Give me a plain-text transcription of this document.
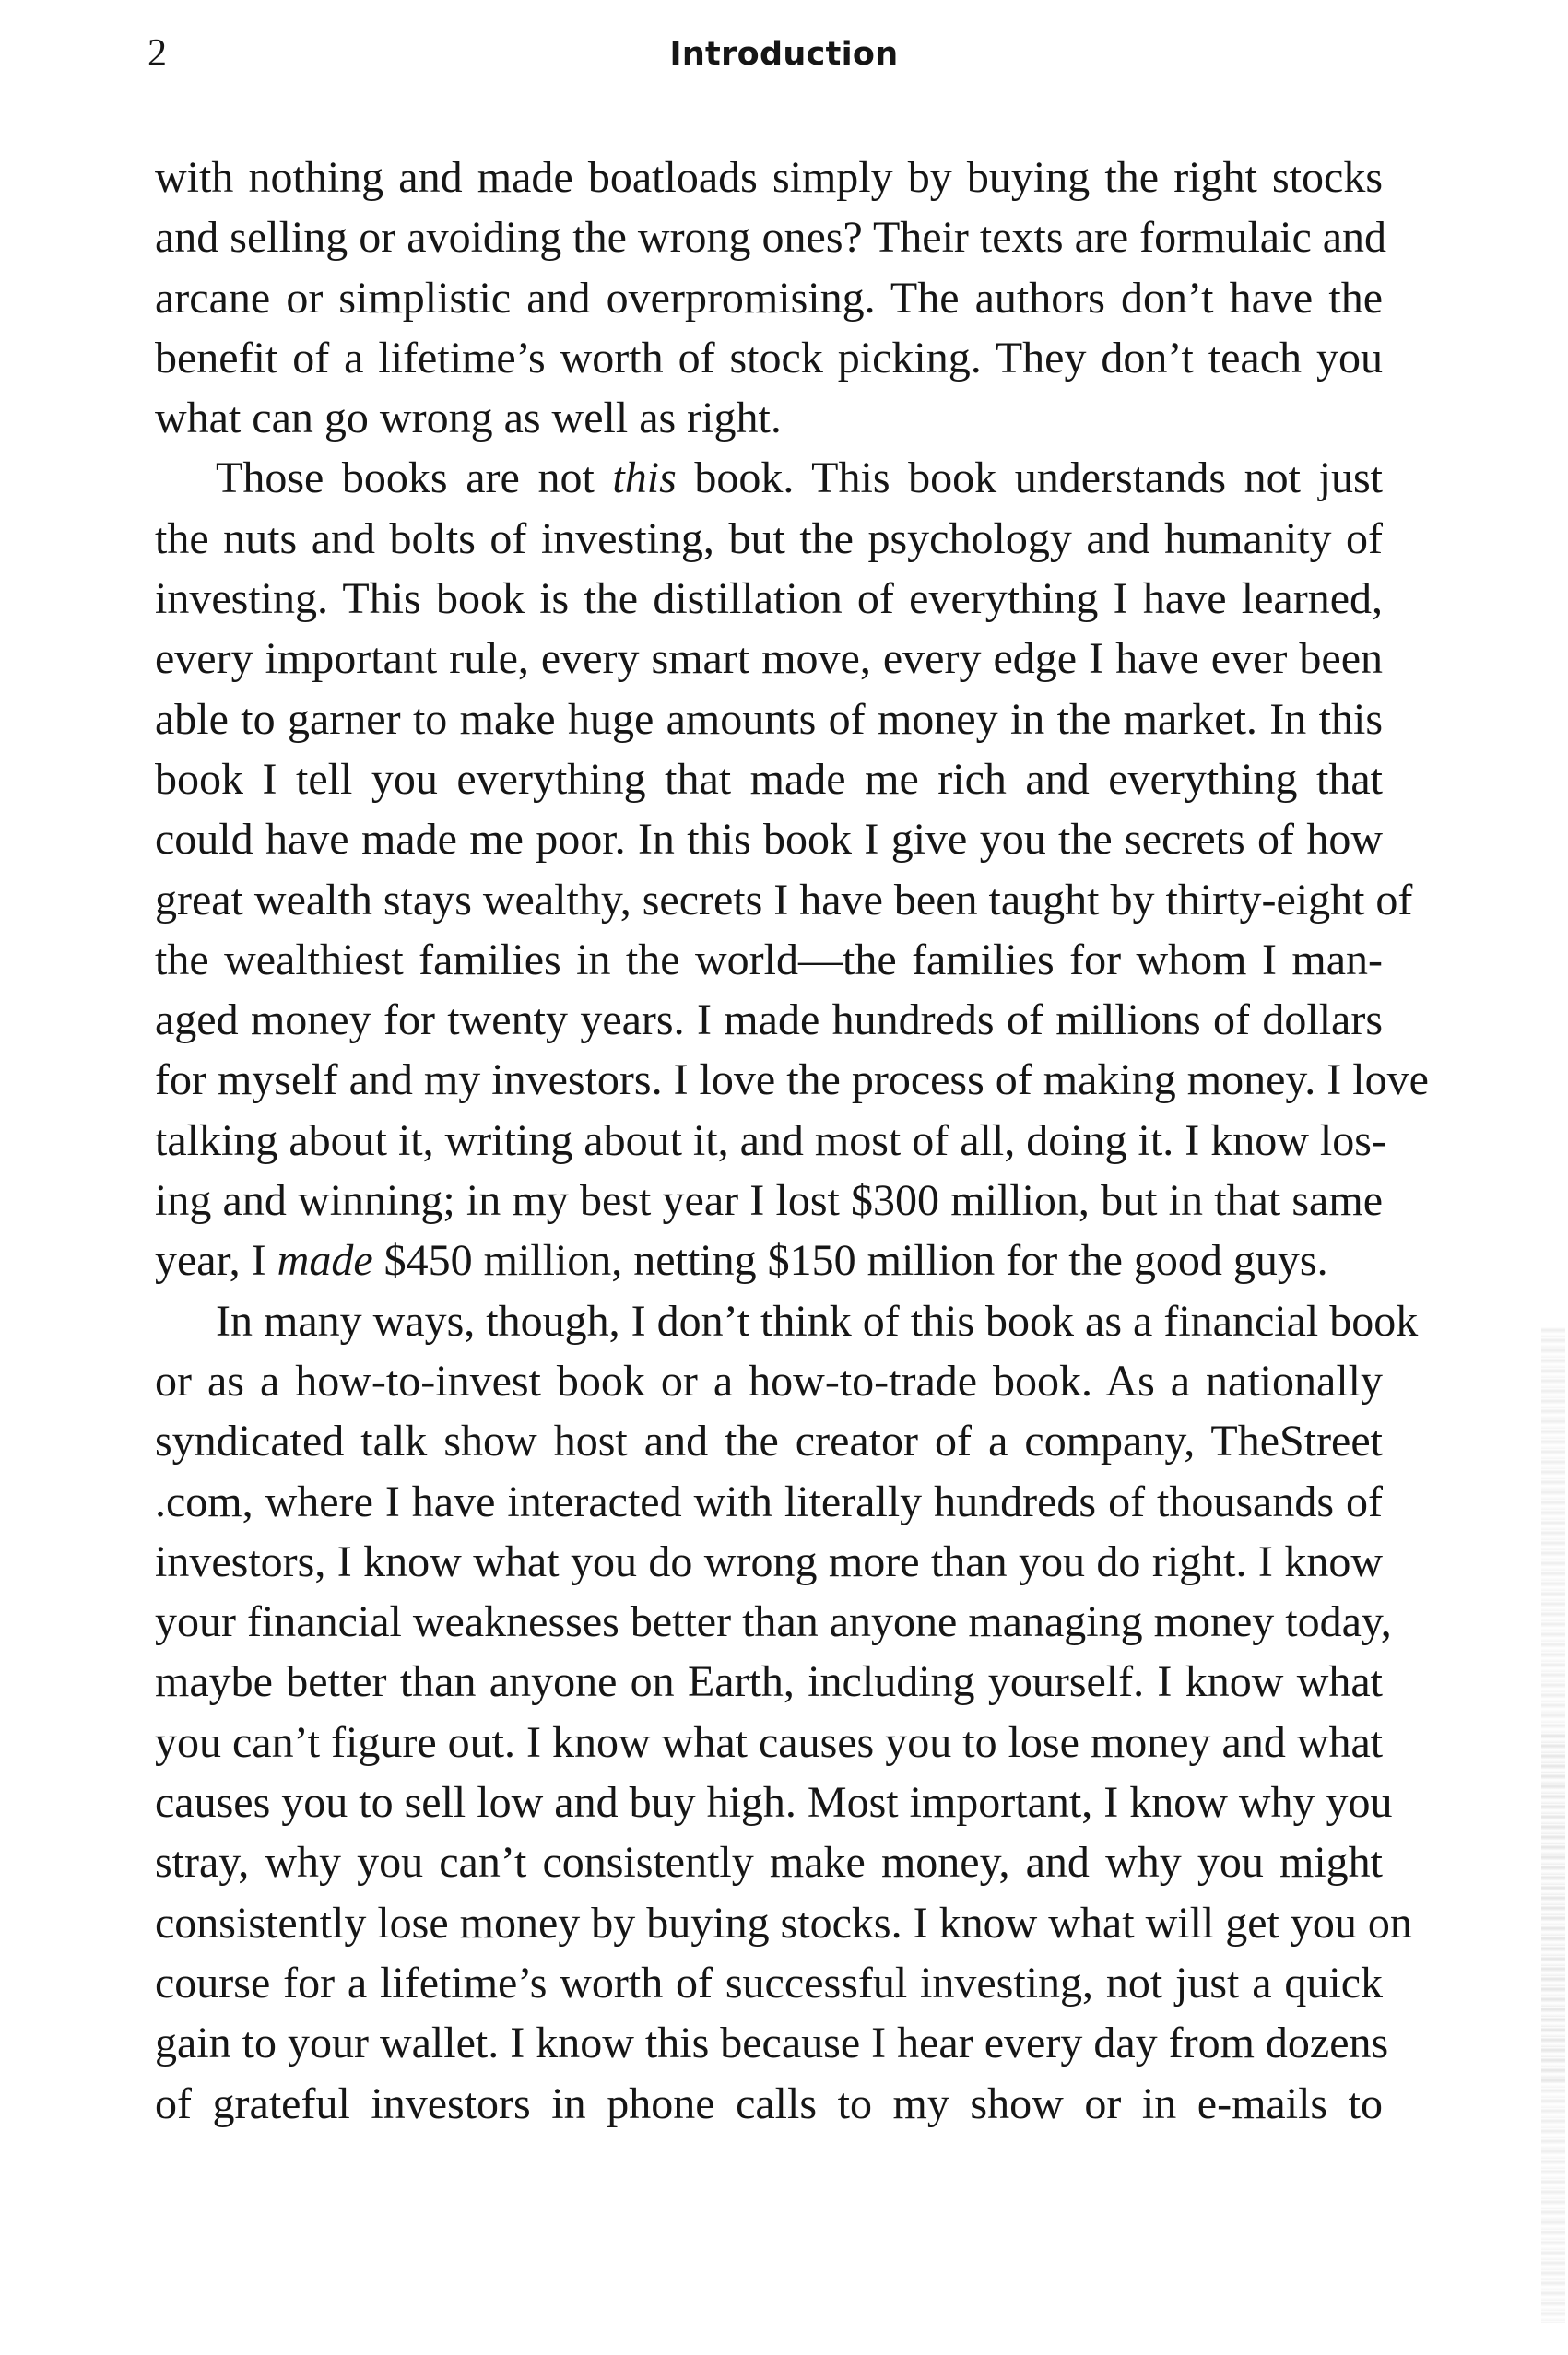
2	Introduction
with nothing and made boatloads simply by buying the right stocks
and selling or avoiding the wrong ones? Their texts are formulaic and
arcane or simplistic and overpromising. The authors don’t have the
benefit of a lifetime’s worth of stock picking. They don’t teach you
what can go wrong as well as right.
Those books are not this book. This book understands not just
the nuts and bolts of investing, but the psychology and humanity of
investing. This book is the distillation of everything I have learned,
every important rule, every smart move, every edge I have ever been
able to garner to make huge amounts of money in the market. In this
book I tell you everything that made me rich and everything that
could have made me poor. In this book I give you the secrets of how
great wealth stays wealthy, secrets I have been taught by thirty-eight of
the wealthiest families in the world—the families for whom I man-
aged money for twenty years. I made hundreds of millions of dollars
for myself and my investors. I love the process of making money. I love
talking about it, writing about it, and most of all, doing it. I know los-
ing and winning; in my best year I lost $300 million, but in that same
year, I made $450 million, netting $150 million for the good guys.
In many ways, though, I don’t think of this book as a financial book
or as a how-to-invest book or a how-to-trade book. As a nationally
syndicated talk show host and the creator of a company, TheStreet
.com, where I have interacted with literally hundreds of thousands of
investors, I know what you do wrong more than you do right. I know
your financial weaknesses better than anyone managing money today,
maybe better than anyone on Earth, including yourself. I know what
you can’t figure out. I know what causes you to lose money and what
causes you to sell low and buy high. Most important, I know why you
stray, why you can’t consistently make money, and why you might
consistently lose money by buying stocks. I know what will get you on
course for a lifetime’s worth of successful investing, not just a quick
gain to your wallet. I know this because I hear every day from dozens
of grateful investors in phone calls to my show or in e-mails to
